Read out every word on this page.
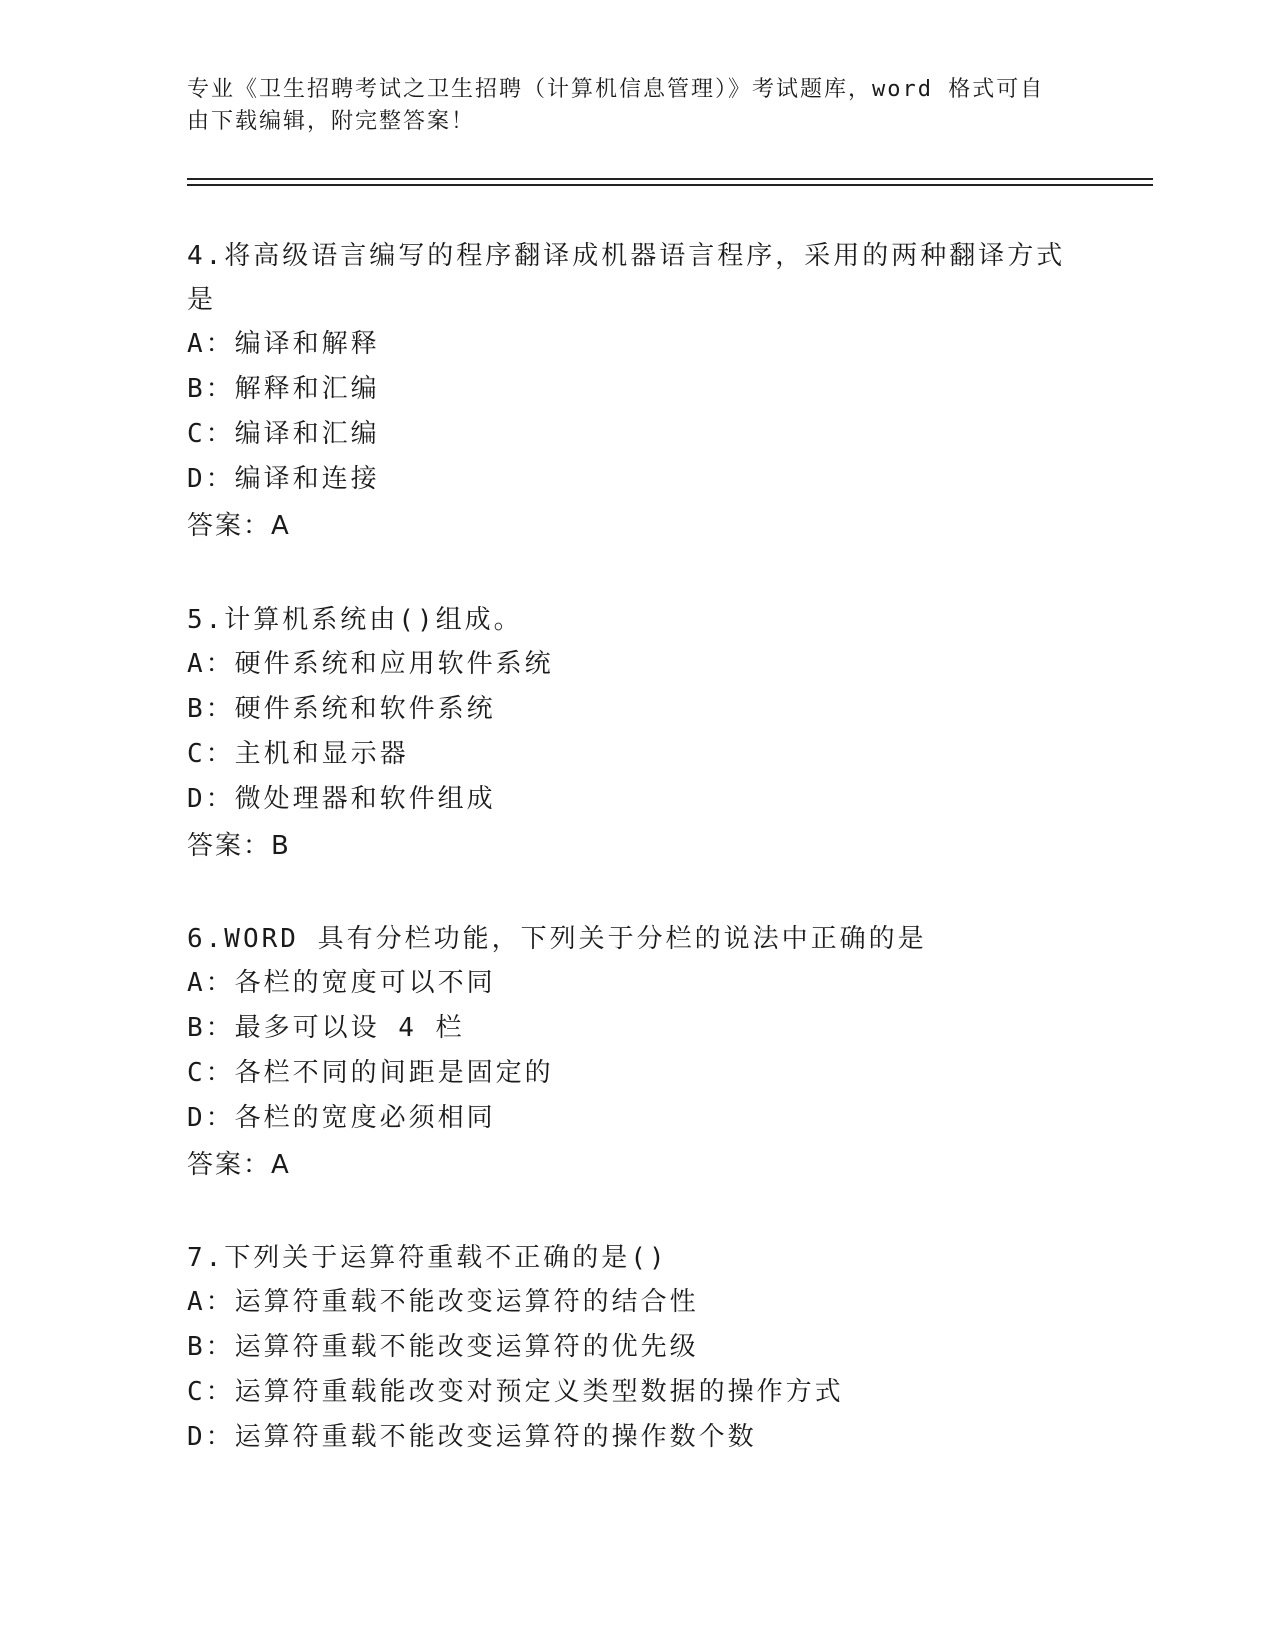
专业《卫生招聘考试之卫生招聘（计算机信息管理）》考试题库，word 格式可自
由下载编辑，附完整答案！
4.将高级语言编写的程序翻译成机器语言程序，采用的两种翻译方式是
A：编译和解释
B：解释和汇编
C：编译和汇编
D：编译和连接
答案：A
5.计算机系统由()组成。
A：硬件系统和应用软件系统
B：硬件系统和软件系统
C：主机和显示器
D：微处理器和软件组成
答案：B
6.WORD 具有分栏功能，下列关于分栏的说法中正确的是
A：各栏的宽度可以不同
B：最多可以设 4 栏
C：各栏不同的间距是固定的
D：各栏的宽度必须相同
答案：A
7.下列关于运算符重载不正确的是()
A：运算符重载不能改变运算符的结合性
B：运算符重载不能改变运算符的优先级
C：运算符重载能改变对预定义类型数据的操作方式
D：运算符重载不能改变运算符的操作数个数
